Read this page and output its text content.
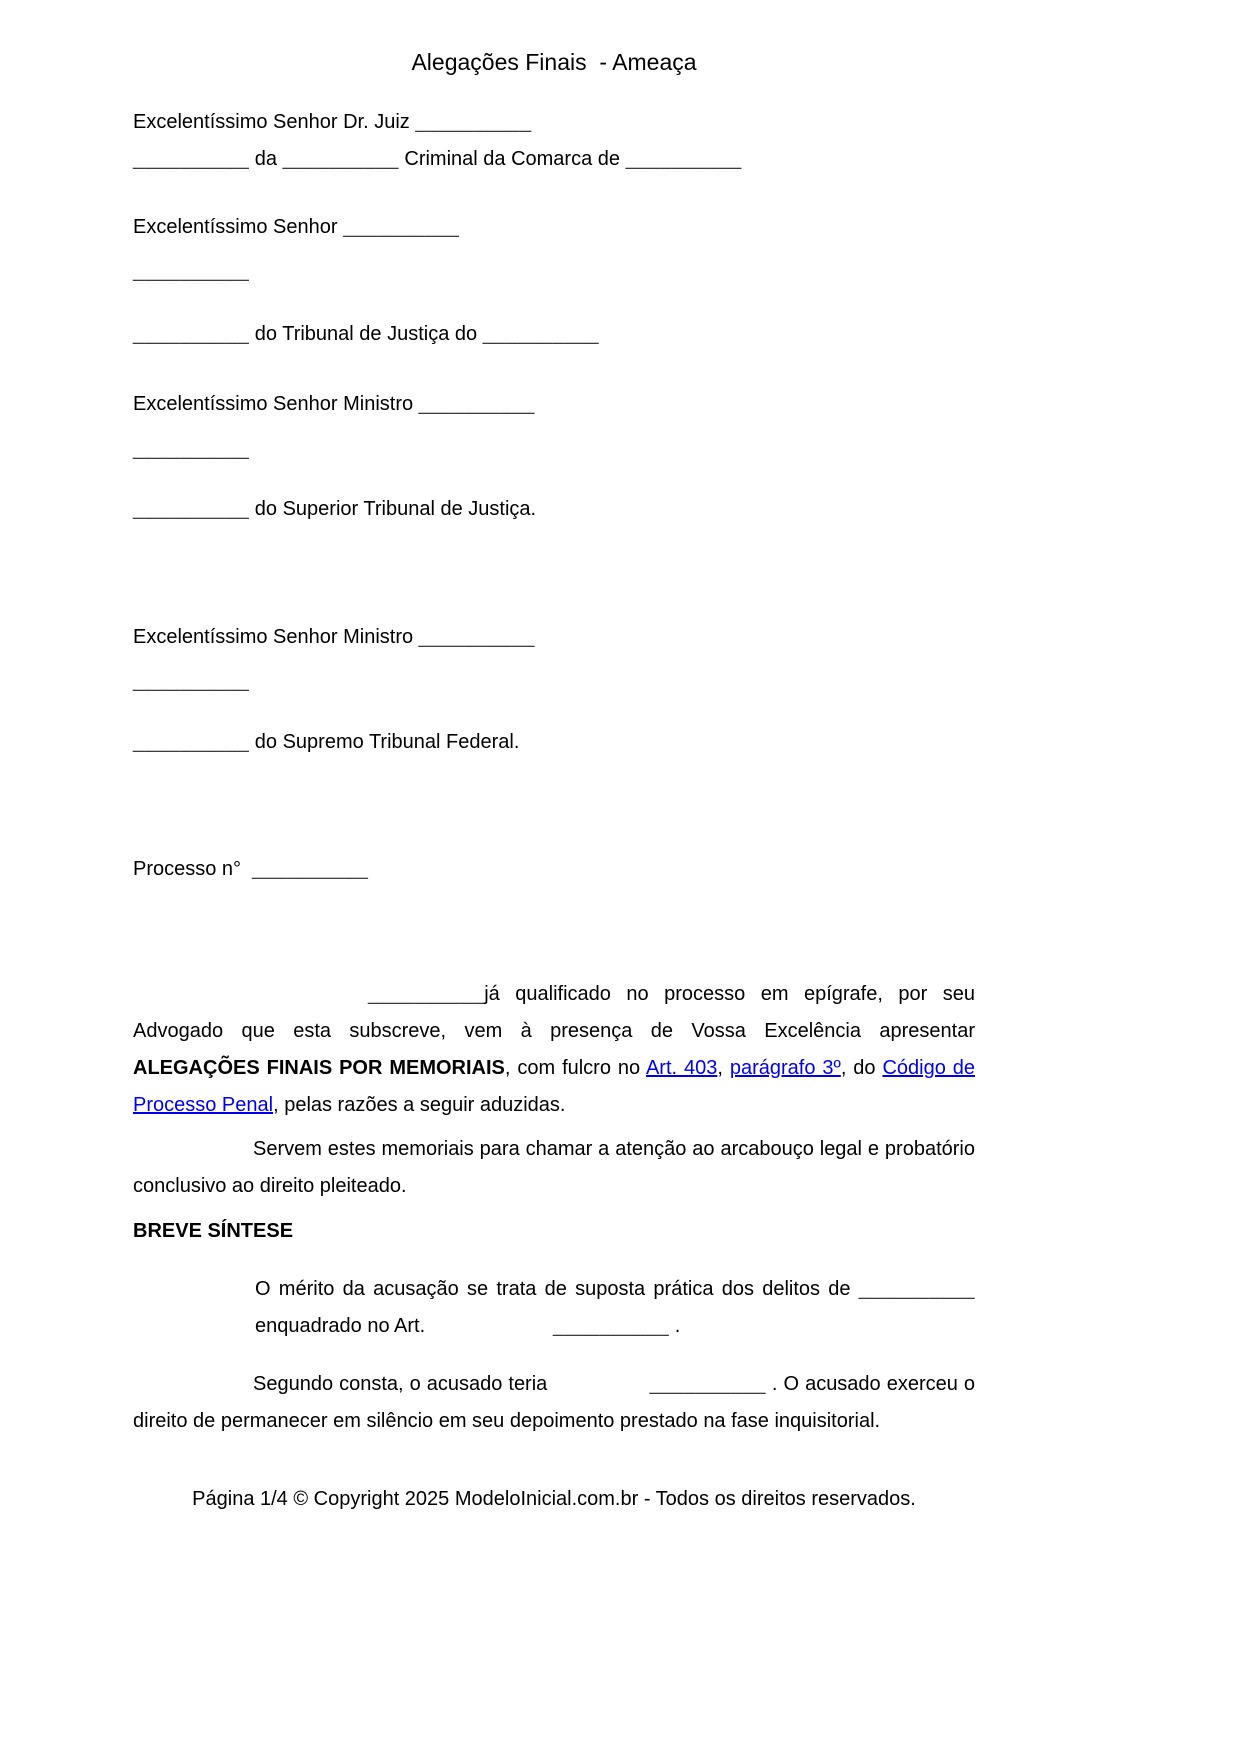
Alegações Finais  - Ameaça

Excelentíssimo Senhor Dr. Juiz __________

__________ da __________ Criminal da Comarca de __________

Excelentíssimo Senhor __________

__________

__________ do Tribunal de Justiça do __________

Excelentíssimo Senhor Ministro __________

__________

__________ do Superior Tribunal de Justiça.

Excelentíssimo Senhor Ministro __________

__________

__________ do Supremo Tribunal Federal.

Processo n°  __________

__________já qualificado no processo em epígrafe, por seu Advogado que esta subscreve, vem à presença de Vossa Excelência apresentar ALEGAÇÕES FINAIS POR MEMORIAIS, com fulcro no Art. 403, parágrafo 3º, do Código de Processo Penal, pelas razões a seguir aduzidas.

Servem estes memoriais para chamar a atenção ao arcabouço legal e probatório conclusivo ao direito pleiteado.

BREVE SÍNTESE

O mérito da acusação se trata de suposta prática dos delitos de __________ enquadrado no Art.	__________ .

Segundo consta, o acusado teria	__________ . O acusado exerceu o direito de permanecer em silêncio em seu depoimento prestado na fase inquisitorial.

Página 1/4 © Copyright 2025 ModeloInicial.com.br - Todos os direitos reservados.
